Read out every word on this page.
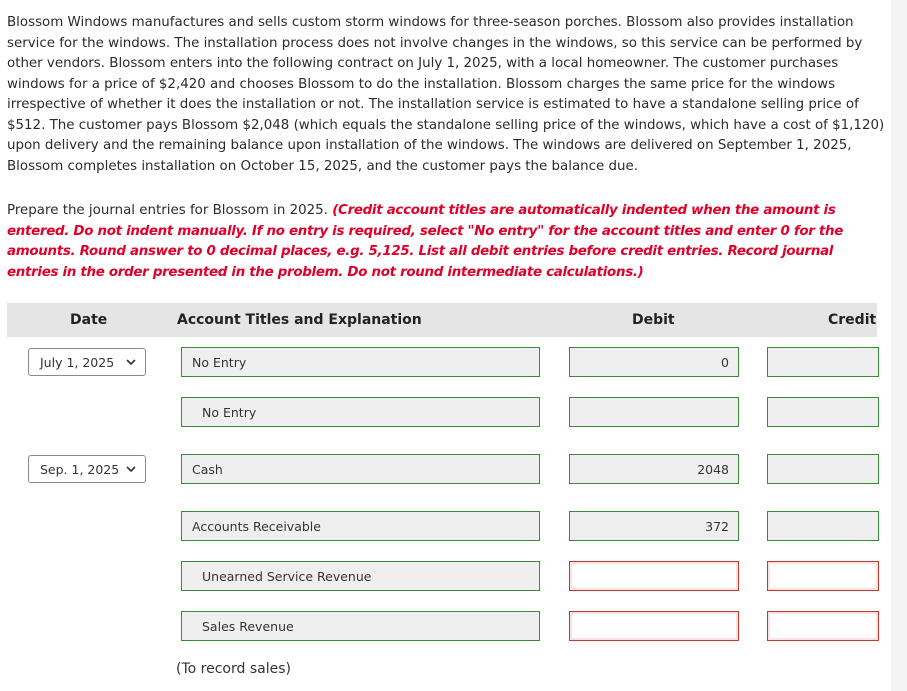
Blossom Windows manufactures and sells custom storm windows for three-season porches. Blossom also provides installation service for the windows. The installation process does not involve changes in the windows, so this service can be performed by other vendors. Blossom enters into the following contract on July 1, 2025, with a local homeowner. The customer purchases windows for a price of $2,420 and chooses Blossom to do the installation. Blossom charges the same price for the windows irrespective of whether it does the installation or not. The installation service is estimated to have a standalone selling price of $512. The customer pays Blossom $2,048 (which equals the standalone selling price of the windows, which have a cost of $1,120) upon delivery and the remaining balance upon installation of the windows. The windows are delivered on September 1, 2025, Blossom completes installation on October 15, 2025, and the customer pays the balance due.

Prepare the journal entries for Blossom in 2025. (Credit account titles are automatically indented when the amount is entered. Do not indent manually. If no entry is required, select "No entry" for the account titles and enter 0 for the amounts. Round answer to 0 decimal places, e.g. 5,125. List all debit entries before credit entries. Record journal entries in the order presented in the problem. Do not round intermediate calculations.)

Date	Account Titles and Explanation	Debit	Credit
July 1, 2025	No Entry	0
No Entry
Sep. 1, 2025	Cash	2048
Accounts Receivable	372
Unearned Service Revenue
Sales Revenue
(To record sales)
